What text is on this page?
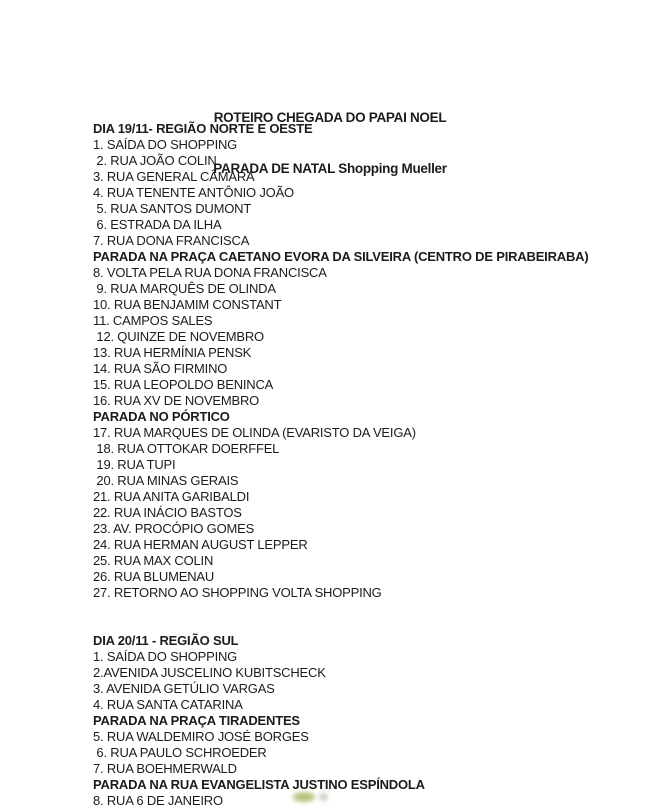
ROTEIRO CHEGADA DO PAPAI NOEL

PARADA DE NATAL Shopping Mueller

DIA 19/11- REGIÃO NORTE E OESTE
1. SAÍDA DO SHOPPING
2. RUA JOÃO COLIN
3. RUA GENERAL CÂMARA
4. RUA TENENTE ANTÔNIO JOÃO
5. RUA SANTOS DUMONT
6. ESTRADA DA ILHA
7. RUA DONA FRANCISCA
PARADA NA PRAÇA CAETANO EVORA DA SILVEIRA (CENTRO DE PIRABEIRABA)
8. VOLTA PELA RUA DONA FRANCISCA
9. RUA MARQUÊS DE OLINDA
10. RUA BENJAMIM CONSTANT
11. CAMPOS SALES
12. QUINZE DE NOVEMBRO
13. RUA HERMÍNIA PENSK
14. RUA SÃO FIRMINO
15. RUA LEOPOLDO BENINCA
16. RUA XV DE NOVEMBRO
PARADA NO PÓRTICO
17. RUA MARQUES DE OLINDA (EVARISTO DA VEIGA)
18. RUA OTTOKAR DOERFFEL
19. RUA TUPI
20. RUA MINAS GERAIS
21. RUA ANITA GARIBALDI
22. RUA INÁCIO BASTOS
23. AV. PROCÓPIO GOMES
24. RUA HERMAN AUGUST LEPPER
25. RUA MAX COLIN
26. RUA BLUMENAU
27. RETORNO AO SHOPPING VOLTA SHOPPING
DIA 20/11 - REGIÃO SUL
1. SAÍDA DO SHOPPING
2.AVENIDA JUSCELINO KUBITSCHECK
3. AVENIDA GETÚLIO VARGAS
4. RUA SANTA CATARINA
PARADA NA PRAÇA TIRADENTES
5. RUA WALDEMIRO JOSÉ BORGES
6. RUA PAULO SCHROEDER
7. RUA BOEHMERWALD
PARADA NA RUA EVANGELISTA JUSTINO ESPÍNDOLA
8. RUA 6 DE JANEIRO
